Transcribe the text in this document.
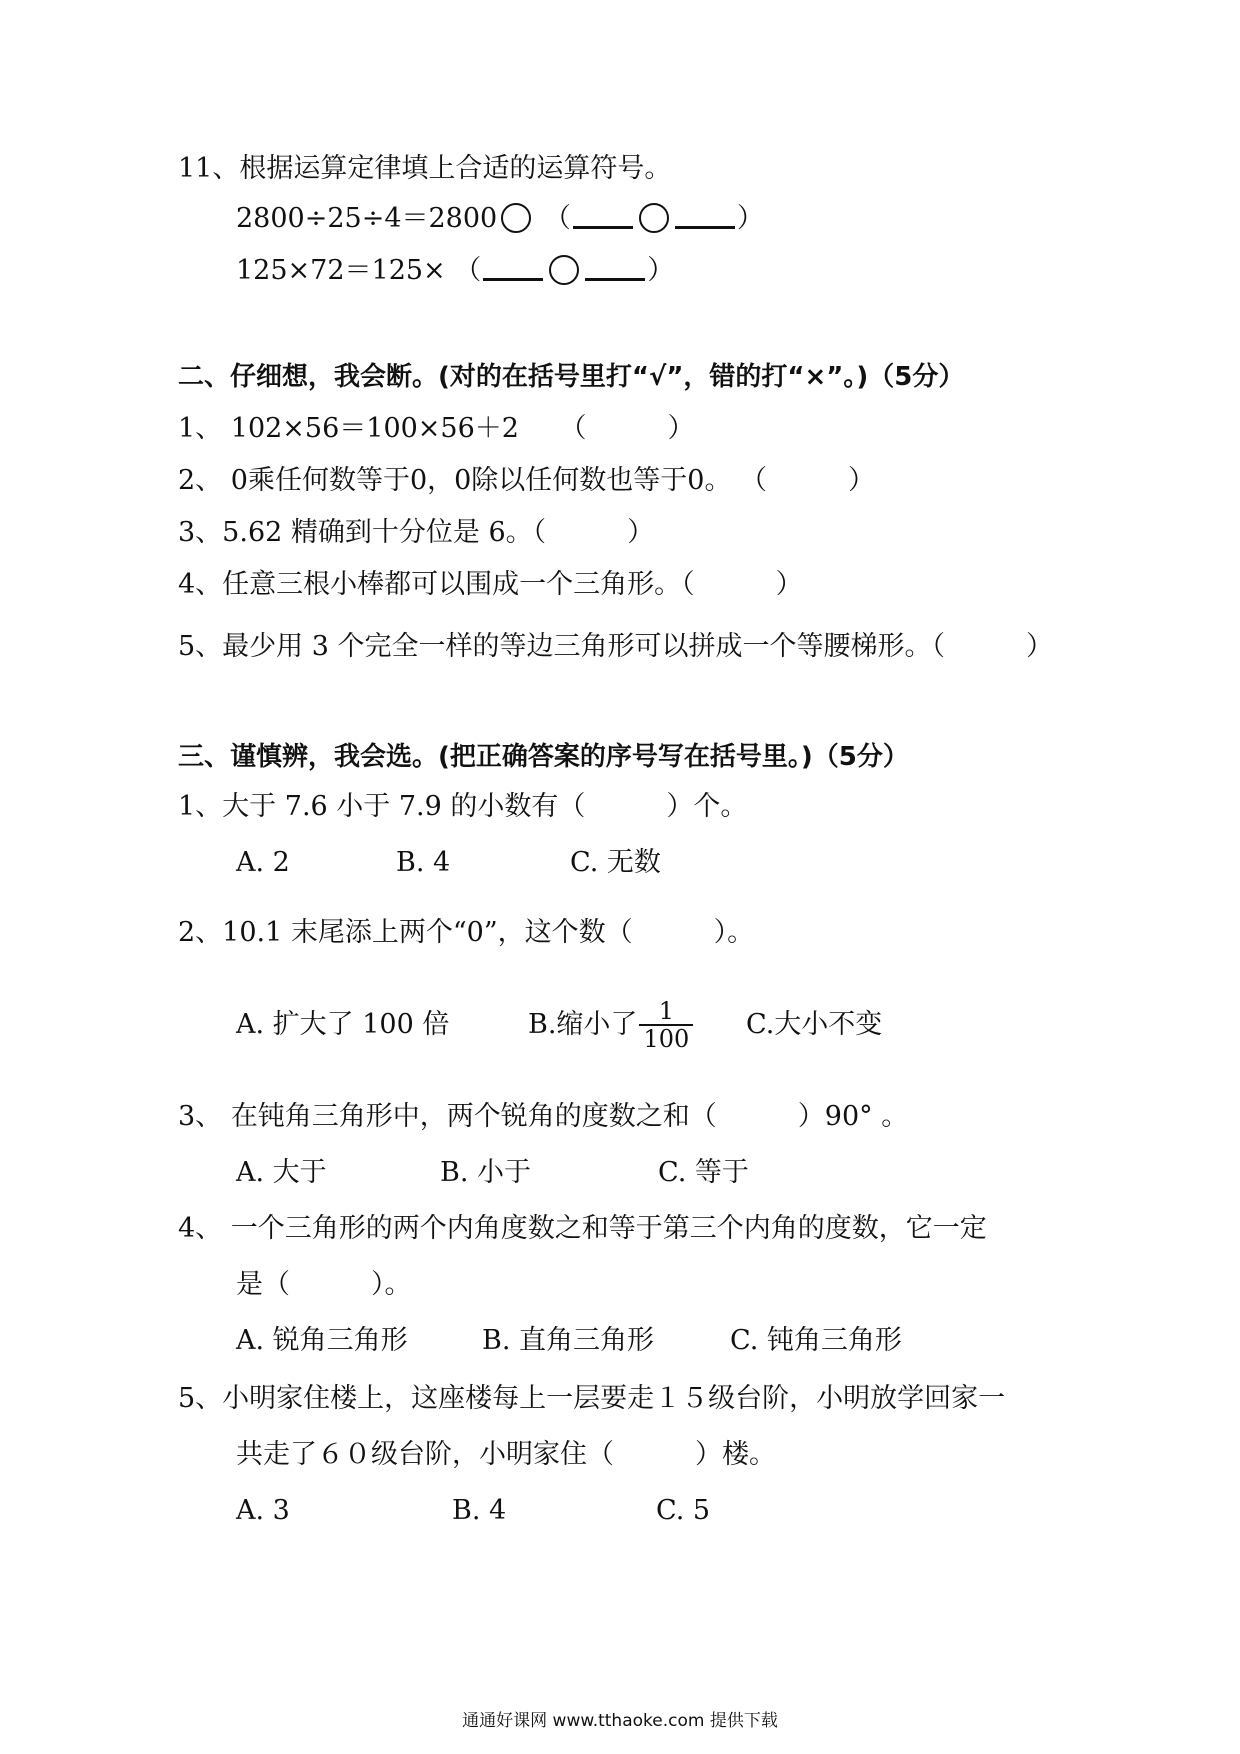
11、根据运算定律填上合适的运算符号。
2800÷25÷4＝2800 （	）
125×72＝125× （	）
二、仔细想，我会断。(对的在括号里打“√”，错的打“×”。)（5分）
1、 102×56＝100×56＋2　　（　　　）
2、 0乘任何数等于0，0除以任何数也等于0。 （　　　）
3、5.62 精确到十分位是 6。（　　　）
4、任意三根小棒都可以围成一个三角形。（　　　）
5、最少用 3 个完全一样的等边三角形可以拼成一个等腰梯形。（　　　）
三、谨慎辨，我会选。(把正确答案的序号写在括号里。)（5分）
1、大于 7.6 小于 7.9 的小数有（　　　）个。
A. 2	B. 4	C. 无数
2、10.1 末尾添上两个“0”，这个数（　　　）。
A. 扩大了 100 倍	B.缩小了 $\frac{1}{100} C$.大小不变
3、 在钝角三角形中，两个锐角的度数之和（　　　）90° 。
A. 大于	B. 小于	C. 等于
4、 一个三角形的两个内角度数之和等于第三个内角的度数，它一定
是（　　　）。
A. 锐角三角形	B. 直角三角形	C. 钝角三角形
5、小明家住楼上，这座楼每上一层要走１５级台阶，小明放学回家一
共走了６０级台阶，小明家住（　　　）楼。
A. 3	B. 4	C. 5
通通好课网 www.tthaoke.com 提供下载
